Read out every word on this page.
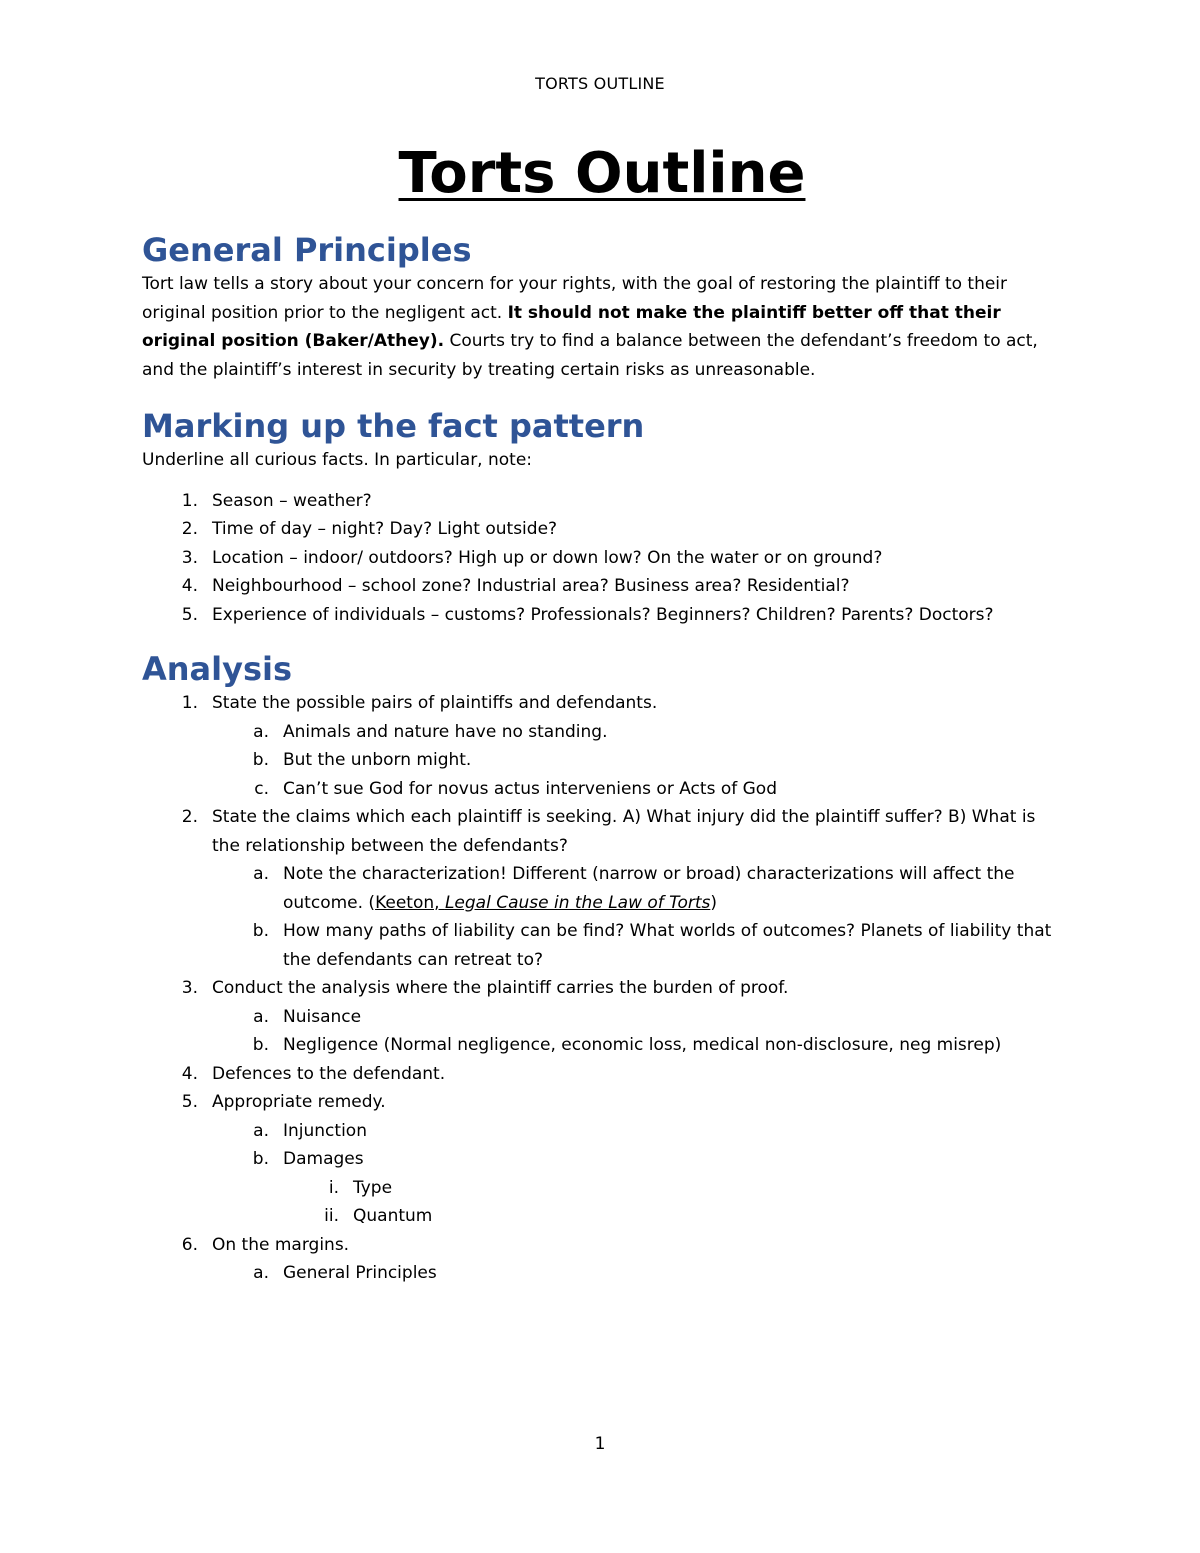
TORTS OUTLINE
Torts Outline
General Principles

Tort law tells a story about your concern for your rights, with the goal of restoring the plaintiff to their original position prior to the negligent act. It should not make the plaintiff better off that their original position (Baker/Athey). Courts try to find a balance between the defendant’s freedom to act, and the plaintiff’s interest in security by treating certain risks as unreasonable.

Marking up the fact pattern

Underline all curious facts. In particular, note:

1. Season – weather?
2. Time of day – night? Day? Light outside?
3. Location – indoor/ outdoors? High up or down low? On the water or on ground?
4. Neighbourhood – school zone? Industrial area? Business area? Residential?
5. Experience of individuals – customs? Professionals? Beginners? Children? Parents? Doctors?
Analysis
1. State the possible pairs of plaintiffs and defendants.
a. Animals and nature have no standing.
b. But the unborn might.
c. Can’t sue God for novus actus interveniens or Acts of God
2. State the claims which each plaintiff is seeking. A) What injury did the plaintiff suffer? B) What is the relationship between the defendants?
a. Note the characterization! Different (narrow or broad) characterizations will affect the outcome. (Keeton, Legal Cause in the Law of Torts)
b. How many paths of liability can be find? What worlds of outcomes? Planets of liability that the defendants can retreat to?
3. Conduct the analysis where the plaintiff carries the burden of proof.
a. Nuisance
b. Negligence (Normal negligence, economic loss, medical non-disclosure, neg misrep)
4. Defences to the defendant.
5. Appropriate remedy.
a. Injunction
b. Damages
i. Type
ii. Quantum
6. On the margins.
a. General Principles
1
